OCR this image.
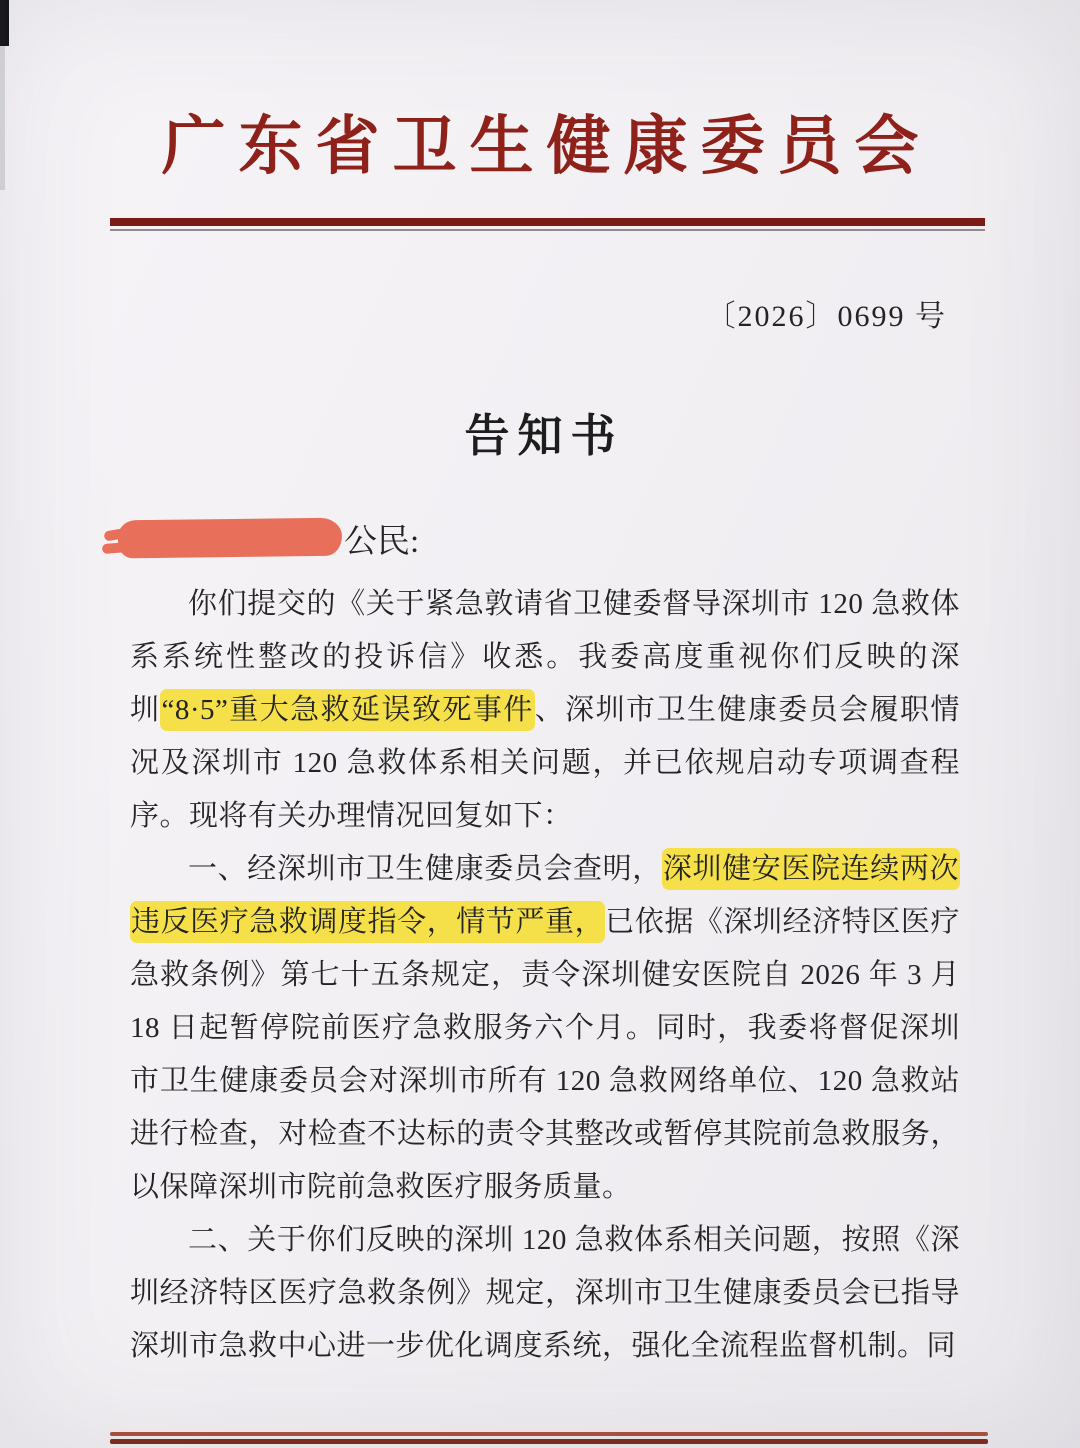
广东省卫生健康委员会
〔2026〕0699 号
告知书
公民:

你们提交的《关于紧急敦请省卫健委督导深圳市 120 急救体系系统性整改的投诉信》收悉。我委高度重视你们反映的深圳“8·5”重大急救延误致死事件、深圳市卫生健康委员会履职情况及深圳市 120 急救体系相关问题，并已依规启动专项调查程序。现将有关办理情况回复如下：

一、经深圳市卫生健康委员会查明，深圳健安医院连续两次违反医疗急救调度指令，情节严重，已依据《深圳经济特区医疗急救条例》第七十五条规定，责令深圳健安医院自 2026 年 3 月 18 日起暂停院前医疗急救服务六个月。同时，我委将督促深圳市卫生健康委员会对深圳市所有 120 急救网络单位、120 急救站进行检查，对检查不达标的责令其整改或暂停其院前急救服务，以保障深圳市院前急救医疗服务质量。

二、关于你们反映的深圳 120 急救体系相关问题，按照《深圳经济特区医疗急救条例》规定，深圳市卫生健康委员会已指导深圳市急救中心进一步优化调度系统，强化全流程监督机制。同
